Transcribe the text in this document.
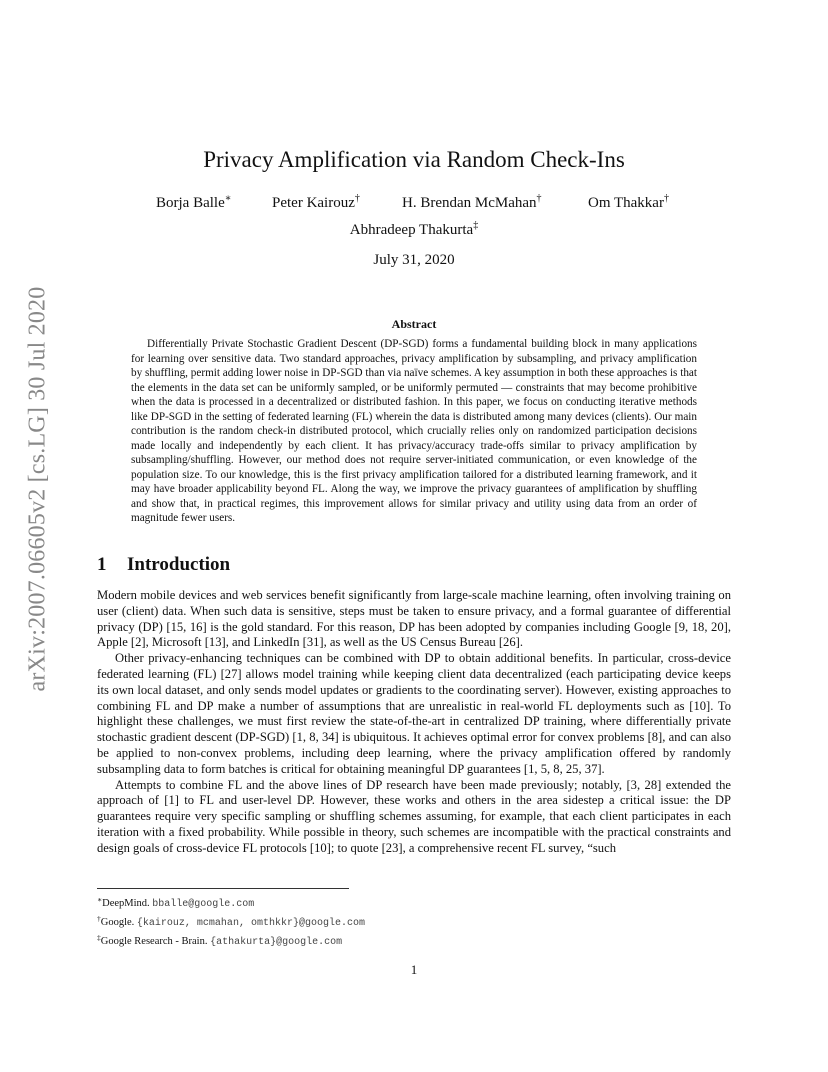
arXiv:2007.06605v2 [cs.LG] 30 Jul 2020
Privacy Amplification via Random Check-Ins
Borja Balle∗	Peter Kairouz†	H. Brendan McMahan†	Om Thakkar†
Abhradeep Thakurta‡
July 31, 2020
Abstract

Differentially Private Stochastic Gradient Descent (DP-SGD) forms a fundamental building block in many applications for learning over sensitive data. Two standard approaches, privacy amplification by subsampling, and privacy amplification by shuffling, permit adding lower noise in DP-SGD than via naïve schemes. A key assumption in both these approaches is that the elements in the data set can be uniformly sampled, or be uniformly permuted — constraints that may become prohibitive when the data is processed in a decentralized or distributed fashion. In this paper, we focus on conducting iterative methods like DP-SGD in the setting of federated learning (FL) wherein the data is distributed among many devices (clients). Our main contribution is the random check-in distributed protocol, which crucially relies only on randomized participation decisions made locally and independently by each client. It has privacy/accuracy trade-offs similar to privacy amplification by subsampling/shuffling. However, our method does not require server-initiated communication, or even knowledge of the population size. To our knowledge, this is the first privacy amplification tailored for a distributed learning framework, and it may have broader applicability beyond FL. Along the way, we improve the privacy guarantees of amplification by shuffling and show that, in practical regimes, this improvement allows for similar privacy and utility using data from an order of magnitude fewer users.

1 Introduction

Modern mobile devices and web services benefit significantly from large-scale machine learning, often involving training on user (client) data. When such data is sensitive, steps must be taken to ensure privacy, and a formal guarantee of differential privacy (DP) [15, 16] is the gold standard. For this reason, DP has been adopted by companies including Google [9, 18, 20], Apple [2], Microsoft [13], and LinkedIn [31], as well as the US Census Bureau [26].

Other privacy-enhancing techniques can be combined with DP to obtain additional benefits. In particular, cross-device federated learning (FL) [27] allows model training while keeping client data decentralized (each participating device keeps its own local dataset, and only sends model updates or gradients to the coordinating server). However, existing approaches to combining FL and DP make a number of assumptions that are unrealistic in real-world FL deployments such as [10]. To highlight these challenges, we must first review the state-of-the-art in centralized DP training, where differentially private stochastic gradient descent (DP-SGD) [1, 8, 34] is ubiquitous. It achieves optimal error for convex problems [8], and can also be applied to non-convex problems, including deep learning, where the privacy amplification offered by randomly subsampling data to form batches is critical for obtaining meaningful DP guarantees [1, 5, 8, 25, 37].

Attempts to combine FL and the above lines of DP research have been made previously; notably, [3, 28] extended the approach of [1] to FL and user-level DP. However, these works and others in the area sidestep a critical issue: the DP guarantees require very specific sampling or shuffling schemes assuming, for example, that each client participates in each iteration with a fixed probability. While possible in theory, such schemes are incompatible with the practical constraints and design goals of cross-device FL protocols [10]; to quote [23], a comprehensive recent FL survey, “such

∗DeepMind. bballe@google.com
†Google. {kairouz, mcmahan, omthkkr}@google.com
‡Google Research - Brain. {athakurta}@google.com
1
